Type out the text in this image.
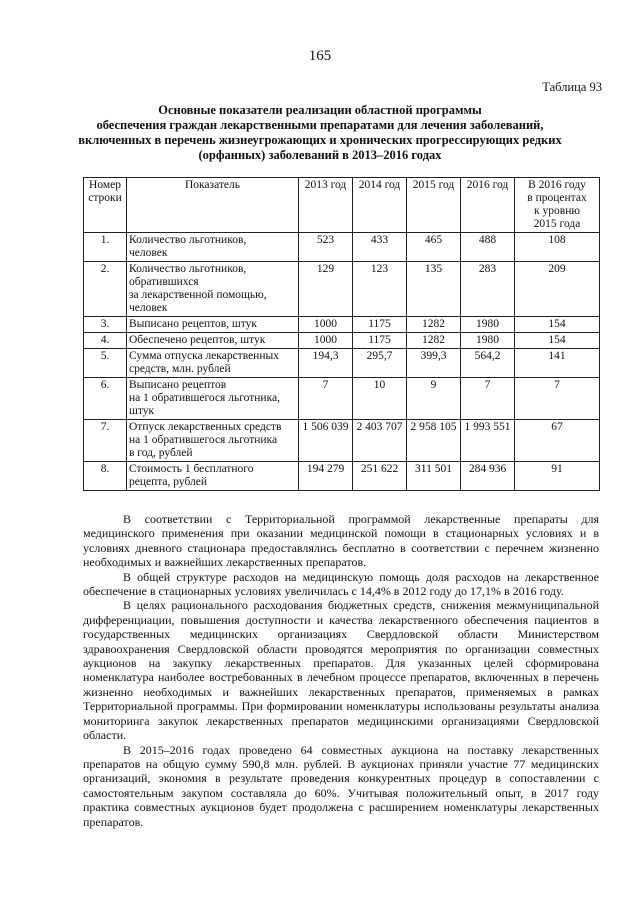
165
Таблица 93
Основные показатели реализации областной программы
обеспечения граждан лекарственными препаратами для лечения заболеваний,
включенных в перечень жизнеугрожающих и хронических прогрессирующих редких
(орфанных) заболеваний в 2013–2016 годах
Номер строки	Показатель	2013 год	2014 год	2015 год	2016 год	В 2016 году
в процентах
к уровню
2015 года
1.	Количество льготников,
человек	523	433	465	488	108
2.	Количество льготников,
обратившихся
за лекарственной помощью,
человек	129	123	135	283	209
3.	Выписано рецептов, штук	1000	1175	1282	1980	154
4.	Обеспечено рецептов, штук	1000	1175	1282	1980	154
5.	Сумма отпуска лекарственных
средств, млн. рублей	194,3	295,7	399,3	564,2	141
6.	Выписано рецептов
на 1 обратившегося льготника,
штук	7	10	9	7	7
7.	Отпуск лекарственных средств
на 1 обратившегося льготника
в год, рублей	1 506 039	2 403 707	2 958 105	1 993 551	67
8.	Стоимость 1 бесплатного
рецепта, рублей	194 279	251 622	311 501	284 936	91

В соответствии с Территориальной программой лекарственные препараты для медицинского применения при оказании медицинской помощи в стационарных условиях и в условиях дневного стационара предоставлялись бесплатно в соответствии с перечнем жизненно необходимых и важнейших лекарственных препаратов.

В общей структуре расходов на медицинскую помощь доля расходов на лекарственное обеспечение в стационарных условиях увеличилась с 14,4% в 2012 году до 17,1% в 2016 году.

В целях рационального расходования бюджетных средств, снижения межмуниципальной дифференциации, повышения доступности и качества лекарственного обеспечения пациентов в государственных медицинских организациях Свердловской области Министерством здравоохранения Свердловской области проводятся мероприятия по организации совместных аукционов на закупку лекарственных препаратов. Для указанных целей сформирована номенклатура наиболее востребованных в лечебном процессе препаратов, включенных в перечень жизненно необходимых и важнейших лекарственных препаратов, применяемых в рамках Территориальной программы. При формировании номенклатуры использованы результаты анализа мониторинга закупок лекарственных препаратов медицинскими организациями Свердловской области.

В 2015–2016 годах проведено 64 совместных аукциона на поставку лекарственных препаратов на общую сумму 590,8 млн. рублей. В аукционах приняли участие 77 медицинских организаций, экономия в результате проведения конкурентных процедур в сопоставлении с самостоятельным закупом составляла до 60%. Учитывая положительный опыт, в 2017 году практика совместных аукционов будет продолжена с расширением номенклатуры лекарственных препаратов.
